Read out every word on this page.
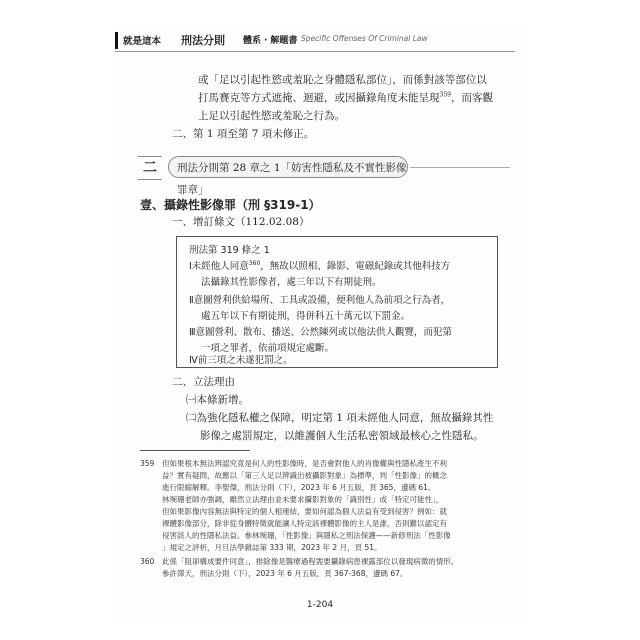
就是這本 刑法分則 體系 ‧ 解題書 Specific Offenses Of Criminal Law
或「足以引起性慾或羞恥之身體隱私部位」，而係對該等部位以
打馬賽克等方式遮掩、迴避，或因攝錄角度未能呈現$^{359}$，而客觀
上足以引起性慾或羞恥之行為。
二、第 1 項至第 7 項未修正。
二	刑法分則第 28 章之 1「妨害性隱私及不實性影像罪章」
壹、攝錄性影像罪（刑 §319-1）
一、增訂條文（112.02.08）
刑法第 319 條之 1
Ⅰ未經他人同意$^{360}$，無故以照相、錄影、電磁紀錄或其他科技方
法攝錄其性影像者，處三年以下有期徒刑。
Ⅱ意圖營利供給場所、工具或設備，便利他人為前項之行為者，
處五年以下有期徒刑，得併科五十萬元以下罰金。
Ⅲ意圖營利、散布、播送、公然陳列或以他法供人觀覽，而犯第
一項之罪者，依前項規定處斷。
Ⅳ前三項之未遂犯罰之。
二、立法理由
㈠本條新增。
㈡為強化隱私權之保障，明定第 1 項未經他人同意，無故攝錄其性
影像之處罰規定，以維護個人生活私密領域最核心之性隱私。
359 但如果根本無法辨認究竟是何人的性影像時，是否會對他人的肖像權與性隱私產生不利
益？實有疑問，故應以「第三人足以辨識出被攝影對象」為標準，判「性影像」的概念
進行限縮解釋。李聖傑，刑法分則（下），2023 年 6 月五版，頁 365，邊碼 61。
林琬珊老師亦強調，雖然立法理由並未要求攝影對象的「識別性」或「特定可能性」，
但如果影像內容無法與特定的個人相連結，要如何認為個人法益有受到侵害？例如：就
裸體影像部分，除非從身體特徵就能讓人特定該裸體影像的主人是誰，否則難以認定有
侵害該人的性隱私法益。參林琬珊，「性影像」與隱私之刑法保護——新修刑法「性影像
」規定之評析，月旦法學雜誌第 333 期，2023 年 2 月，頁 51。
360 此係「阻卻構成要件同意」，排除像是醫療過程需要攝錄病患裸露部位以發現病徵的情形。
參許澤天，刑法分則（下），2023 年 6 月五版，頁 367-368，邊碼 67。
1-204
